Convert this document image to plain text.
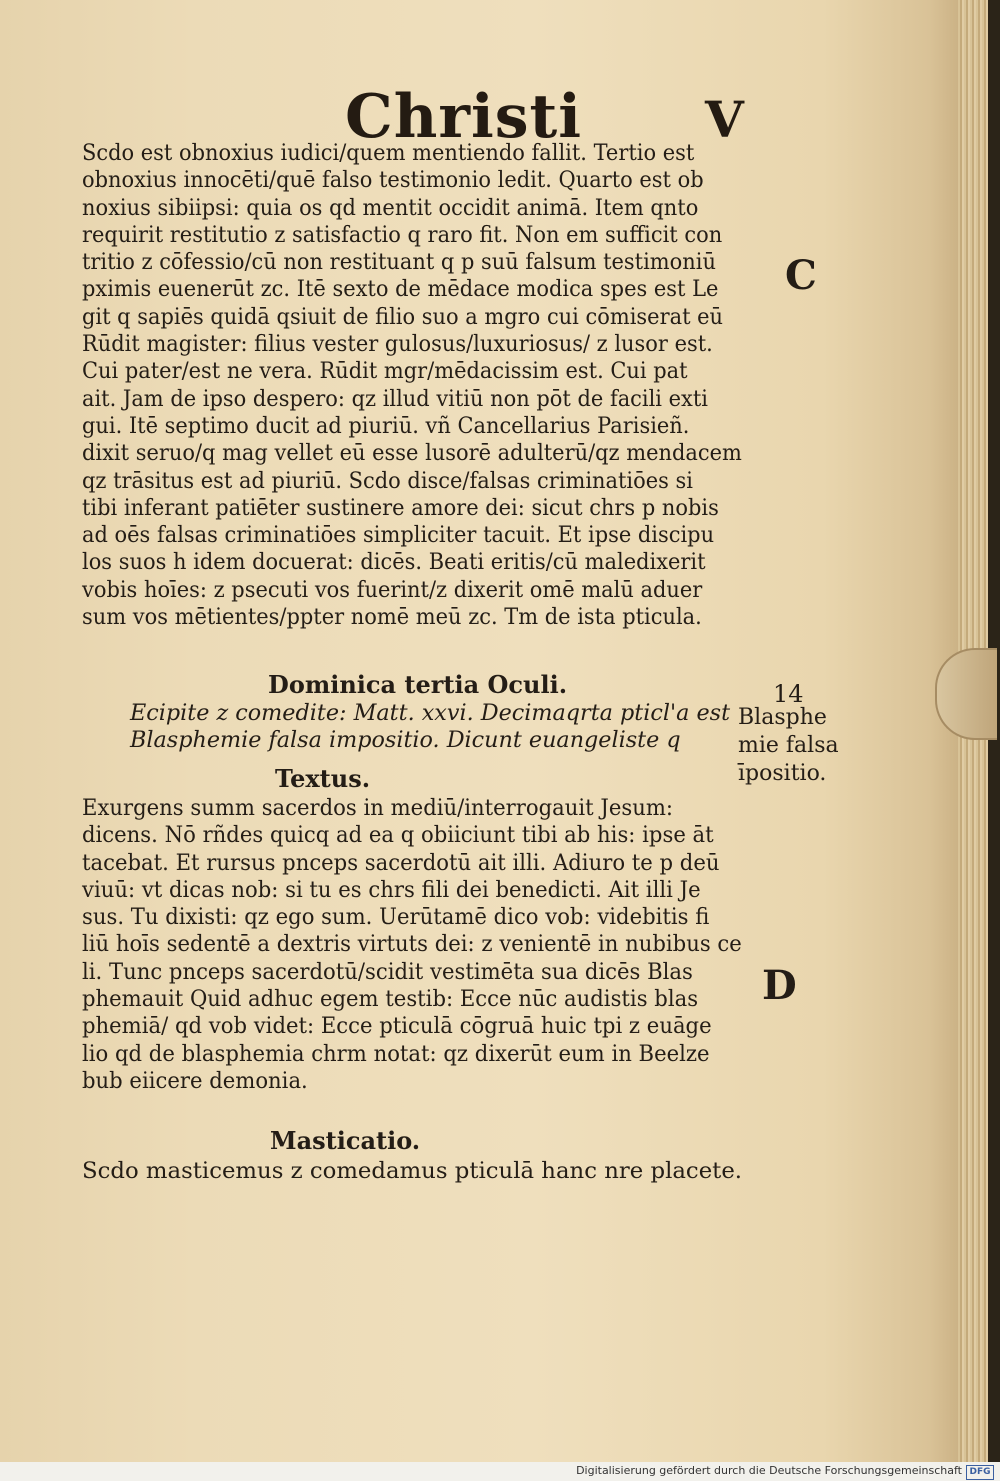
Christi V
Scdo est obnoxius iudici/quem mentiendo fallit. Tertio est
obnoxius innocēti/quē falso testimonio ledit. Quarto est ob
noxius sibiipsi: quia os qd mentit occidit animā. Item qnto
requirit restitutio z satisfactio q raro fit. Non em sufficit con
tritio z cōfessio/cū non restituant q p suū falsum testimoniū
pximis euenerūt zc. Itē sexto de mēdace modica spes est Le
git q sapiēs quidā qsiuit de filio suo a mgro cui cōmiserat eū
Rūdit magister: filius vester gulosus/luxuriosus/ z lusor est.
Cui pater/est ne vera. Rūdit mgr/mēdacissim est. Cui pat
ait. Jam de ipso despero: qz illud vitiū non pōt de facili exti
gui. Itē septimo ducit ad piuriū. vñ Cancellarius Parisieñ.
dixit seruo/q mag vellet eū esse lusorē adulterū/qz mendacem
qz trāsitus est ad piuriū. Scdo disce/falsas criminatiōes si
tibi inferant patiēter sustinere amore dei: sicut chrs p nobis
ad oēs falsas criminatiōes simpliciter tacuit. Et ipse discipu
los suos h idem docuerat: dicēs. Beati eritis/cū maledixerit
vobis hoīes: z psecuti vos fuerint/z dixerit omē malū aduer
sum vos mētientes/ppter nomē meū zc. Tm de ista pticula.
Dominica tertia Oculi.
Ecipite z comedite: Matt. xxvi. Decimaqrta pticl'a est
Blasphemie falsa impositio. Dicunt euangeliste q
Textus.
Exurgens summ sacerdos in mediū/interrogauit Jesum:
dicens. Nō rñdes quicq ad ea q obiiciunt tibi ab his: ipse āt
tacebat. Et rursus pnceps sacerdotū ait illi. Adiuro te p deū
viuū: vt dicas nob: si tu es chrs fili dei benedicti. Ait illi Je
sus. Tu dixisti: qz ego sum. Uerūtamē dico vob: videbitis fi
liū hoīs sedentē a dextris virtuts dei: z venientē in nubibus ce
li. Tunc pnceps sacerdotū/scidit vestimēta sua dicēs Blas
phemauit Quid adhuc egem testib: Ecce nūc audistis blas
phemiā/ qd vob videt: Ecce pticulā cōgruā huic tpi z euāge
lio qd de blasphemia chrm notat: qz dixerūt eum in Beelze
bub eiicere demonia.
Masticatio.
Scdo masticemus z comedamus pticulā hanc nre placete.
C
14
Blasphe
mie falsa
īpositio.
D
Digitalisierung gefördert durch die Deutsche Forschungsgemeinschaft DFG
